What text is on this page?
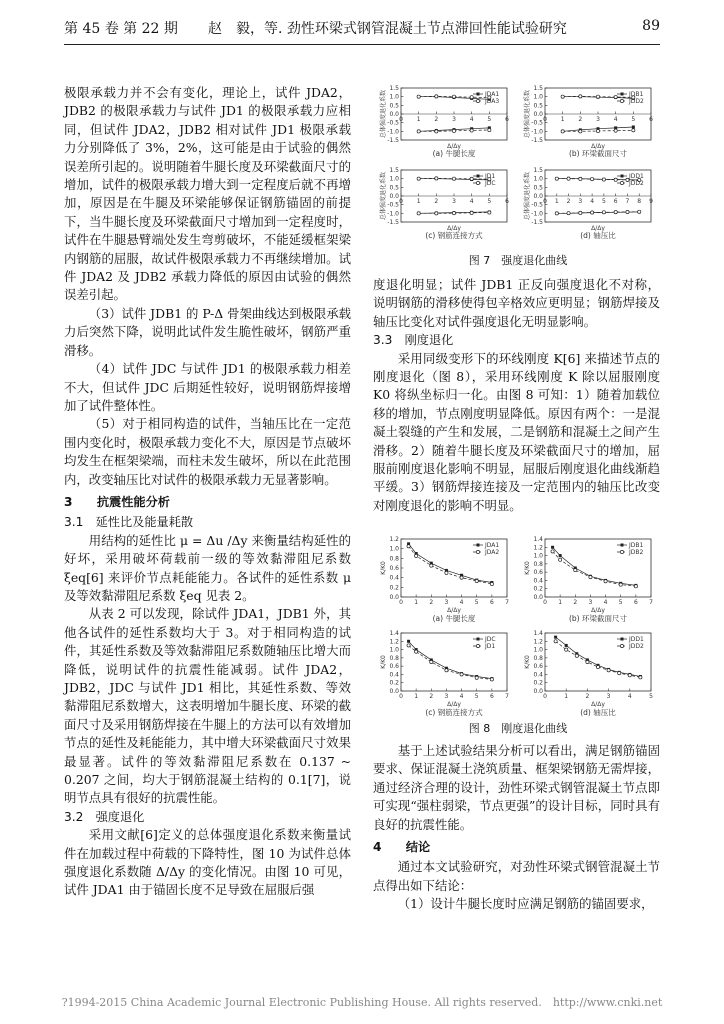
第 45 卷 第 22 期 赵　毅，等. 劲性环梁式钢管混凝土节点滞回性能试验研究	89

极限承载力并不会有变化，理论上，试件 JDA2，JDB2 的极限承载力与试件 JD1 的极限承载力应相同，但试件 JDA2，JDB2 相对试件 JD1 极限承载力分别降低了 3%，2%，这可能是由于试验的偶然误差所引起的。说明随着牛腿长度及环梁截面尺寸的增加，试件的极限承载力增大到一定程度后就不再增加，原因是在牛腿及环梁能够保证钢筋锚固的前提下，当牛腿长度及环梁截面尺寸增加到一定程度时，试件在牛腿悬臂端处发生弯剪破坏，不能延缓框架梁内钢筋的屈服，故试件极限承载力不再继续增加。试件 JDA2 及 JDB2 承载力降低的原因由试验的偶然误差引起。

（3）试件 JDB1 的 P-Δ 骨架曲线达到极限承载力后突然下降，说明此试件发生脆性破坏，钢筋严重滑移。

（4）试件 JDC 与试件 JD1 的极限承载力相差不大，但试件 JDC 后期延性较好，说明钢筋焊接增加了试件整体性。

（5）对于相同构造的试件，当轴压比在一定范围内变化时，极限承载力变化不大，原因是节点破坏均发生在框架梁端，而柱未发生破坏，所以在此范围内，改变轴压比对试件的极限承载力无显著影响。

3　　抗震性能分析

3.1　延性比及能量耗散

用结构的延性比 μ = Δu /Δy 来衡量结构延性的好坏，采用破坏荷载前一级的等效黏滞阻尼系数 ξeq[6] 来评价节点耗能能力。各试件的延性系数 μ 及等效黏滞阻尼系数 ξeq 见表 2。

从表 2 可以发现，除试件 JDA1，JDB1 外，其他各试件的延性系数均大于 3。对于相同构造的试件，其延性系数及等效黏滞阻尼系数随轴压比增大而降低，说明试件的抗震性能减弱。试件 JDA2，JDB2，JDC 与试件 JD1 相比，其延性系数、等效黏滞阻尼系数增大，这表明增加牛腿长度、环梁的截面尺寸及采用钢筋焊接在牛腿上的方法可以有效增加节点的延性及耗能能力，其中增大环梁截面尺寸效果最显著。试件的等效黏滞阻尼系数在 0.137 ~ 0.207 之间，均大于钢筋混凝土结构的 0.1[7]，说明节点具有很好的抗震性能。

3.2　强度退化

采用文献[6]定义的总体强度退化系数来衡量试件在加载过程中荷载的下降特性，图 10 为试件总体强度退化系数随 Δ/Δy 的变化情况。由图 10 可见，试件 JDA1 由于锚固长度不足导致在屈服后强

-1.5
-1.0
-0.5
0.0
0.5
1.0
1.5
0 1 2 3 4 5 6
Δ/Δy
总体强度退化系数	JDA1
JDA3
(a) 牛腿长度
-1.5
-1.0
-0.5
0.0
0.5
1.0
1.5
0 1 2 3 4 5 6
Δ/Δy
总体强度退化系数	JDB1
JDD2
(b) 环梁截面尺寸
-1.5
-1.0
-0.5
0.0
0.5
1.0
1.5
0 1 2 3 4 5 6
Δ/Δy
总体强度退化系数	JD1
JDC
(c) 钢筋连接方式
-1.5
-1.0
-0.5
0.0
0.5
1.0
1.5
0 1 2 3 4 5 6 7 8 9
Δ/Δy
总体强度退化系数	JDD1
JDD2
(d) 轴压比
图 7　强度退化曲线

度退化明显；试件 JDB1 正反向强度退化不对称，说明钢筋的滑移使得包辛格效应更明显；钢筋焊接及轴压比变化对试件强度退化无明显影响。

3.3　刚度退化

采用同级变形下的环线刚度 K[6] 来描述节点的刚度退化（图 8），采用环线刚度 K 除以屈服刚度 K0 将纵坐标归一化。由图 8 可知：1）随着加载位移的增加，节点刚度明显降低。原因有两个：一是混凝土裂缝的产生和发展，二是钢筋和混凝土之间产生滑移。2）随着牛腿长度及环梁截面尺寸的增加，屈服前刚度退化影响不明显，屈服后刚度退化曲线渐趋平缓。3）钢筋焊接连接及一定范围内的轴压比改变对刚度退化的影响不明显。

0.0
0.2
0.4
0.6
0.8
1.0
1.2
0 1 2 3 4 5 6 7
Δ/Δy
K/K0
JDA1
JDA2
(a) 牛腿长度
0.0
0.2
0.4
0.6
0.8
1.0
1.2
1.4
0 1 2 3 4 5 6 7
Δ/Δy
K/K0
JDB1
JDB2
(b) 环梁截面尺寸
0.0
0.2
0.4
0.6
0.8
1.0
1.2
1.4
0 1 2 3 4 5 6 7
Δ/Δy
K/K0
JDC
JD1
(c) 钢筋连接方式
0.0
0.2
0.4
0.6
0.8
1.0
1.2
1.4
0	1	2	3	4	5
Δ/Δy
K/K0
JDD1
JDD2
(d) 轴压比
图 8　刚度退化曲线

基于上述试验结果分析可以看出，满足钢筋锚固要求、保证混凝土浇筑质量、框架梁钢筋无需焊接，通过经济合理的设计，劲性环梁式钢管混凝土节点即可实现“强柱弱梁，节点更强”的设计目标，同时具有良好的抗震性能。

4　　结论

通过本文试验研究，对劲性环梁式钢管混凝土节点得出如下结论：

（1）设计牛腿长度时应满足钢筋的锚固要求，

?1994-2015 China Academic Journal Electronic Publishing House. All rights reserved.　http://www.cnki.net
